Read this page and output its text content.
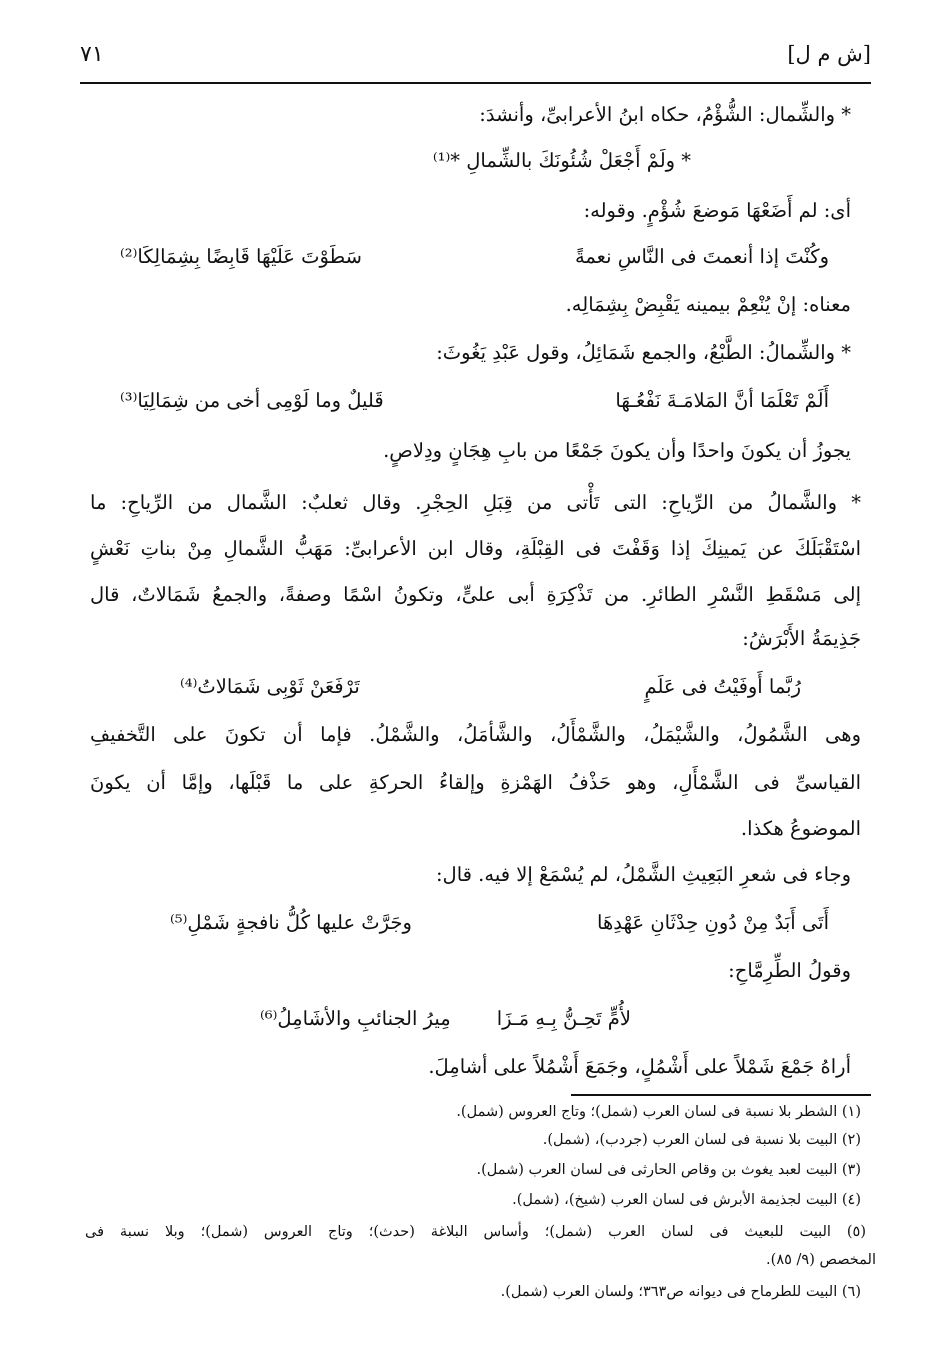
[ش م ل]
٧١
* والشِّمال: الشُّؤْمُ، حكاه ابنُ الأعرابىِّ، وأنشدَ:
* ولَمْ أَجْعَلْ شُئُونَكَ بالشِّمالِ *⁽¹⁾
أى: لم أَضَعْهَا مَوضعَ شُؤْمٍ. وقوله:
وكُنْتَ إذا أنعمتَ فى النَّاسِ نعمةً
سَطَوْتَ عَلَيْهَا قَابِضًا بِشِمَالِكَا⁽²⁾
معناه: إنْ يُنْعِمْ بيمينه يَقْبِضْ بِشِمَالِه.
* والشِّمالُ: الطَّبْعُ، والجمع شَمَائِلُ، وقول عَبْدِ يَغُوثَ:
أَلَمْ تَعْلَمَا أنَّ المَلامَـةَ نَفْعُـهَا
قَليلٌ وما لَوْمِى أخى من شِمَالِيَا⁽³⁾
يجوزُ أن يكونَ واحدًا وأن يكونَ جَمْعًا من بابِ هِجَانٍ ودِلاصٍ.
* والشَّمالُ من الرِّياحِ: التى تَأْتى من قِبَلِ الحِجْرِ. وقال ثعلبٌ: الشَّمال من الرِّياحِ: ما
اسْتَقْبَلَكَ عن يَمينِكَ إذا وَقَفْتَ فى القِبْلَةِ، وقال ابن الأعرابىِّ: مَهَبُّ الشَّمالِ مِنْ بناتِ نَعْشٍ
إلى مَسْقَطِ النَّسْرِ الطائرِ. من تَذْكِرَةِ أبى علىٍّ، وتكونُ اسْمًا وصفةً، والجمعُ شَمَالاتٌ، قال
جَذِيمَةُ الأَبْرَشُ:
رُبَّما أَوفَيْتُ فى عَلَمٍ
تَرْفَعَنْ ثَوْبِى شَمَالاتُ⁽⁴⁾
وهى الشَّمُولُ، والشَّيْمَلُ، والشَّمْأَلُ، والشَّأمَلُ، والشَّمْلُ. فإما أن تكونَ على التَّخفيفِ
القياسىِّ فى الشَّمْأَلِ، وهو حَذْفُ الهَمْزةِ وإلقاءُ الحركةِ على ما قَبْلَها، وإمَّا أن يكونَ
الموضوعُ هكذا.
وجاء فى شعرِ البَعِيثِ الشَّمْلُ، لم يُسْمَعْ إلا فيه. قال:
أَتَى أَبَدٌ مِنْ دُونِ حِدْثَانِ عَهْدِهَا
وجَرَّتْ عليها كُلُّ نافجةٍ شَمْلِ⁽⁵⁾
وقولُ الطِّرِمَّاحِ:
لأُمٍّ تَحِـنُّ بِـهِ مَـزَا
مِيرُ الجنائبِ والأشَامِلُ⁽⁶⁾
أراهُ جَمْعَ شَمْلاً على أَشْمُلٍ، وجَمَعَ أَشْمُلاً على أشامِلَ.
(١) الشطر بلا نسبة فى لسان العرب (شمل)؛ وتاج العروس (شمل).
(٢) البيت بلا نسبة فى لسان العرب (جردب)، (شمل).
(٣) البيت لعبد يغوث بن وقاص الحارثى فى لسان العرب (شمل).
(٤) البيت لجذيمة الأبرش فى لسان العرب (شيخ)، (شمل).
(٥) البيت للبعيث فى لسان العرب (شمل)؛ وأساس البلاغة (حدث)؛ وتاج العروس (شمل)؛ وبلا نسبة فى
المخصص (٩/ ٨٥).
(٦) البيت للطرماح فى ديوانه ص٣٦٣؛ ولسان العرب (شمل).
